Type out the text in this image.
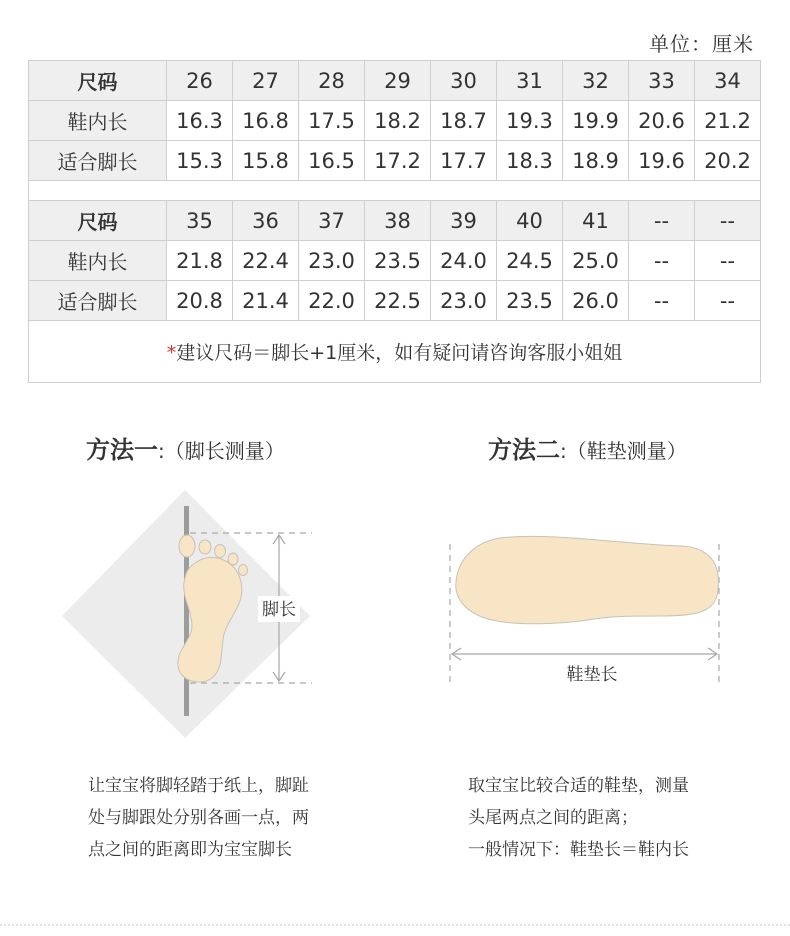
单位：厘米
尺码	26	27	28	29	30	31	32	33	34
鞋内长	16.3	16.8	17.5	18.2	18.7	19.3	19.9	20.6	21.2
适合脚长	15.3	15.8	16.5	17.2	17.7	18.3	18.9	19.6	20.2

尺码	35	36	37	38	39	40	41	--	--
鞋内长	21.8	22.4	23.0	23.5	24.0	24.5	25.0	--	--
适合脚长	20.8	21.4	22.0	22.5	23.0	23.5	26.0	--	--
*建议尺码＝脚长+1厘米，如有疑问请咨询客服小姐姐									
方法一:（脚长测量）	方法二:（鞋垫测量）
脚长
鞋垫长
让宝宝将脚轻踏于纸上，脚趾
处与脚跟处分别各画一点，两
点之间的距离即为宝宝脚长
取宝宝比较合适的鞋垫，测量
头尾两点之间的距离；
一般情况下：鞋垫长＝鞋内长
